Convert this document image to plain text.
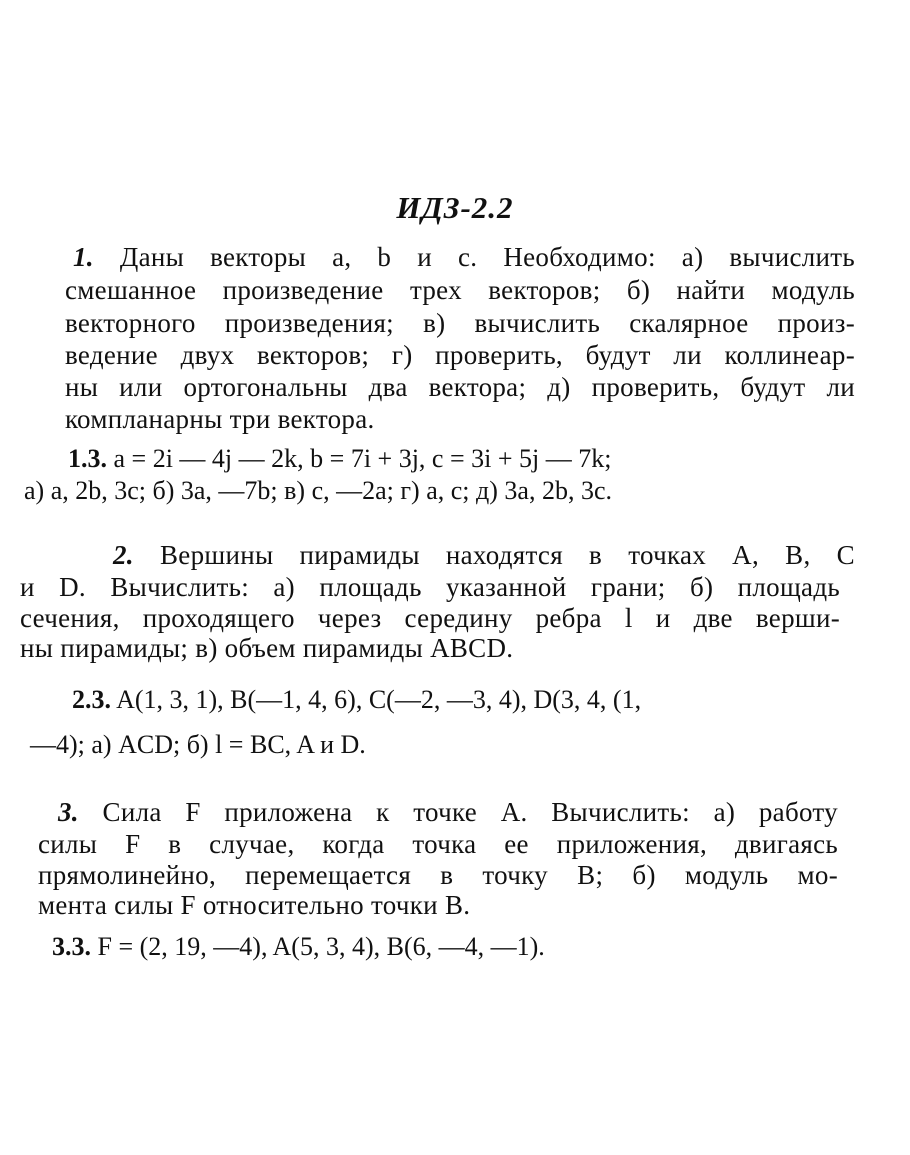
ИДЗ-2.2
1. Даны векторы a, b и c. Необходимо: а) вычислить
смешанное произведение трех векторов; б) найти модуль
векторного произведения; в) вычислить скалярное произ-
ведение двух векторов; г) проверить, будут ли коллинеар-
ны или ортогональны два вектора; д) проверить, будут ли
компланарны три вектора.
1.3. a = 2i — 4j — 2k, b = 7i + 3j, c = 3i + 5j — 7k;
а) a, 2b, 3c; б) 3a, —7b; в) c, —2a; г) a, c; д) 3a, 2b, 3c.
2. Вершины пирамиды находятся в точках A, B, C
и D. Вычислить: а) площадь указанной грани; б) площадь
сечения, проходящего через середину ребра l и две верши-
ны пирамиды; в) объем пирамиды ABCD.
2.3. A(1, 3, 1), B(—1, 4, 6), C(—2, —3, 4), D(3, 4, (1,
—4); а) ACD; б) l = BC, A и D.
3. Сила F приложена к точке A. Вычислить: а) работу
силы F в случае, когда точка ее приложения, двигаясь
прямолинейно, перемещается в точку B; б) модуль мо-
мента силы F относительно точки B.
3.3. F = (2, 19, —4), A(5, 3, 4), B(6, —4, —1).
